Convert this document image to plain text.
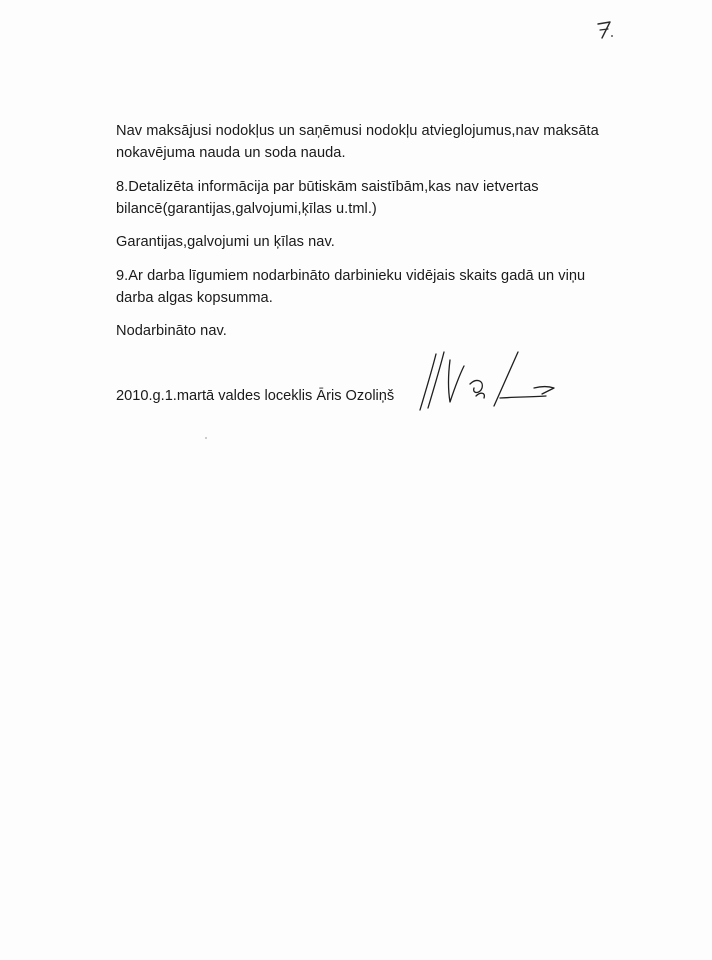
Nav maksājusi nodokļus un saņēmusi nodokļu atvieglojumus,nav maksāta
nokavējuma nauda un soda nauda.
8.Detalizēta informācija par būtiskām saistībām,kas nav ietvertas
bilancē(garantijas,galvojumi,ķīlas u.tml.)
Garantijas,galvojumi un ķīlas nav.
9.Ar darba līgumiem nodarbināto darbinieku vidējais skaits gadā un viņu
darba algas kopsumma.
Nodarbināto nav.
2010.g.1.martā valdes loceklis Āris Ozoliņš
